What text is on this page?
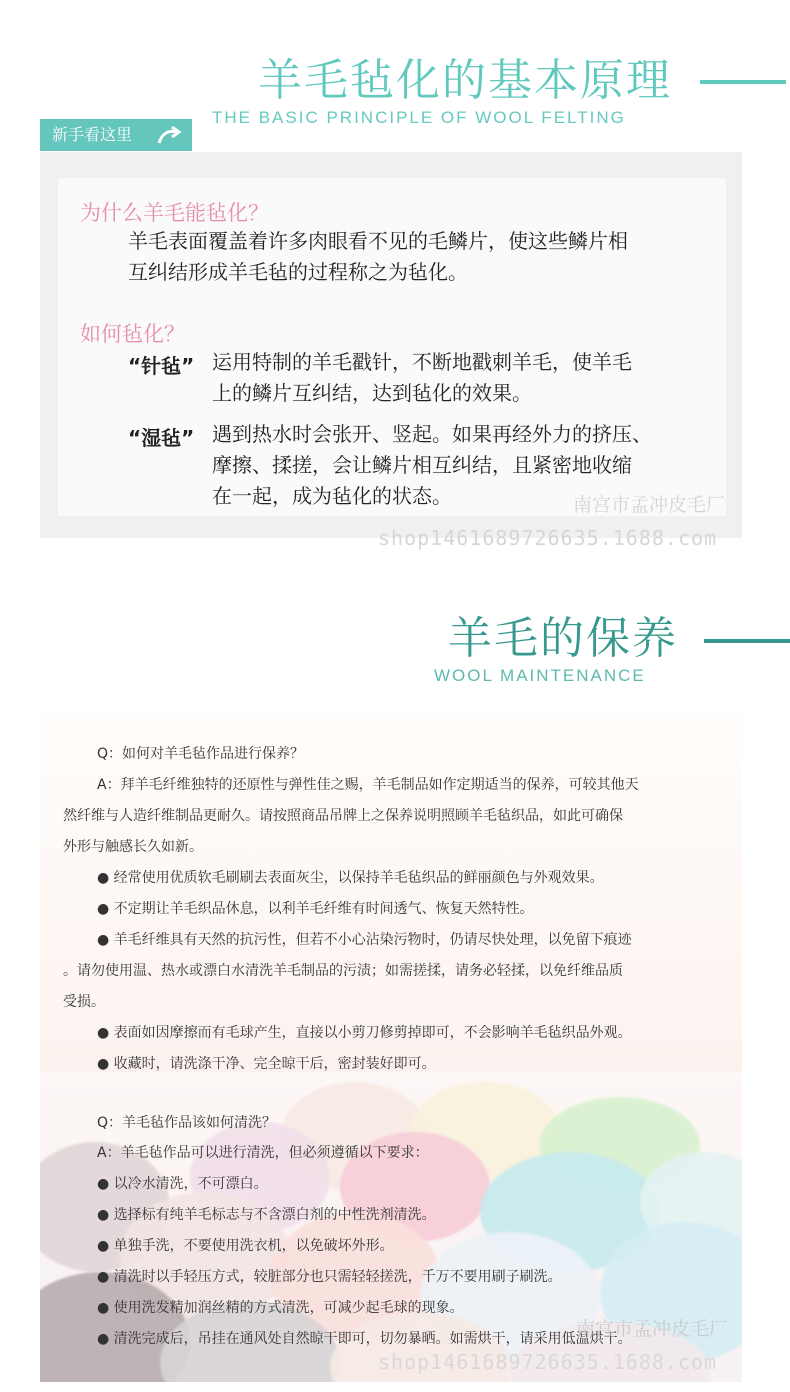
羊毛毡化的基本原理
THE BASIC PRINCIPLE OF WOOL FELTING
新手看这里
为什么羊毛能毡化？
羊毛表面覆盖着许多肉眼看不见的毛鳞片，使这些鳞片相
互纠结形成羊毛毡的过程称之为毡化。
如何毡化？
“针毡” 运用特制的羊毛戳针，不断地戳刺羊毛，使羊毛
上的鳞片互纠结，达到毡化的效果。
“湿毡” 遇到热水时会张开、竖起。如果再经外力的挤压、
摩擦、揉搓，会让鳞片相互纠结，且紧密地收缩
在一起，成为毡化的状态。	南宫市孟冲皮毛厂
shop1461689726635.1688.com
羊毛的保养
WOOL MAINTENANCE
Q：如何对羊毛毡作品进行保养？
A：拜羊毛纤维独特的还原性与弹性佳之赐，羊毛制品如作定期适当的保养，可较其他天
然纤维与人造纤维制品更耐久。请按照商品吊牌上之保养说明照顾羊毛毡织品，如此可确保
外形与触感长久如新。
● 经常使用优质软毛刷刷去表面灰尘，以保持羊毛毡织品的鲜丽颜色与外观效果。
● 不定期让羊毛织品休息，以利羊毛纤维有时间透气、恢复天然特性。
● 羊毛纤维具有天然的抗污性，但若不小心沾染污物时，仍请尽快处理，以免留下痕迹
。请勿使用温、热水或漂白水清洗羊毛制品的污渍；如需搓揉，请务必轻揉，以免纤维品质
受损。
● 表面如因摩擦而有毛球产生，直接以小剪刀修剪掉即可，不会影响羊毛毡织品外观。
● 收藏时，请洗涤干净、完全晾干后，密封装好即可。
Q：羊毛毡作品该如何清洗？
A：羊毛毡作品可以进行清洗，但必须遵循以下要求：
● 以冷水清洗，不可漂白。
● 选择标有纯羊毛标志与不含漂白剂的中性洗剂清洗。
● 单独手洗，不要使用洗衣机，以免破坏外形。
● 清洗时以手轻压方式，较脏部分也只需轻轻搓洗，千万不要用刷子刷洗。
● 使用洗发精加润丝精的方式清洗，可减少起毛球的现象。
● 清洗完成后，吊挂在通风处自然晾干即可，切勿暴晒。如需烘干，请采用低温烘干。
南宫市孟冲皮毛厂
shop1461689726635.1688.com
